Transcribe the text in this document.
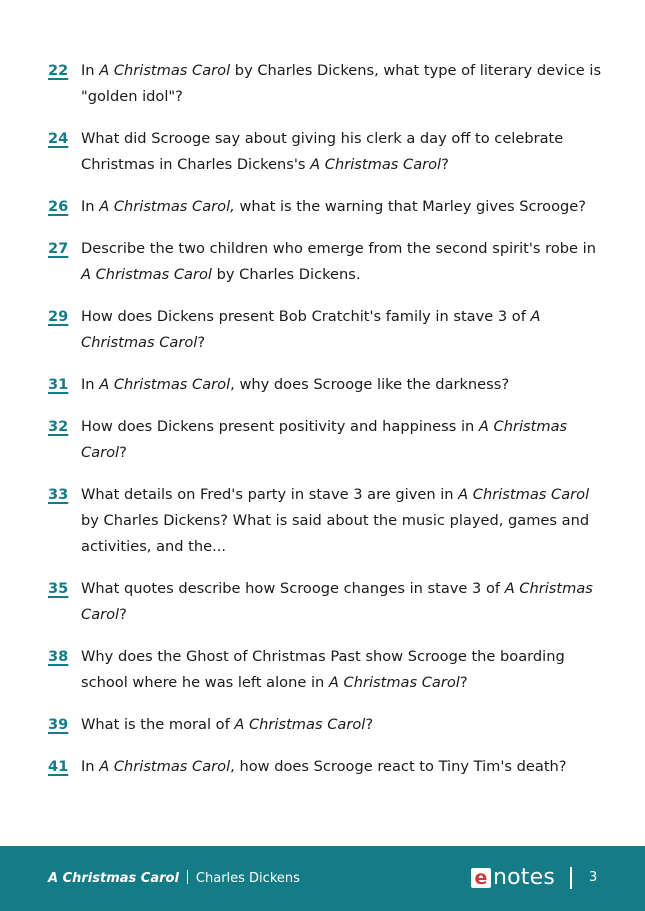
22 In A Christmas Carol by Charles Dickens, what type of literary device is "golden idol"?
24 What did Scrooge say about giving his clerk a day off to celebrate Christmas in Charles Dickens's A Christmas Carol?
26 In A Christmas Carol, what is the warning that Marley gives Scrooge?
27 Describe the two children who emerge from the second spirit's robe in A Christmas Carol by Charles Dickens.
29 How does Dickens present Bob Cratchit's family in stave 3 of A Christmas Carol?
31 In A Christmas Carol, why does Scrooge like the darkness?
32 How does Dickens present positivity and happiness in A Christmas Carol?
33 What details on Fred's party in stave 3 are given in A Christmas Carol by Charles Dickens? What is said about the music played, games and activities, and the...
35 What quotes describe how Scrooge changes in stave 3 of A Christmas Carol?
38 Why does the Ghost of Christmas Past show Scrooge the boarding school where he was left alone in A Christmas Carol?
39 What is the moral of A Christmas Carol?
41 In A Christmas Carol, how does Scrooge react to Tiny Tim's death?
A Christmas Carol Charles Dickens	e notes	3
